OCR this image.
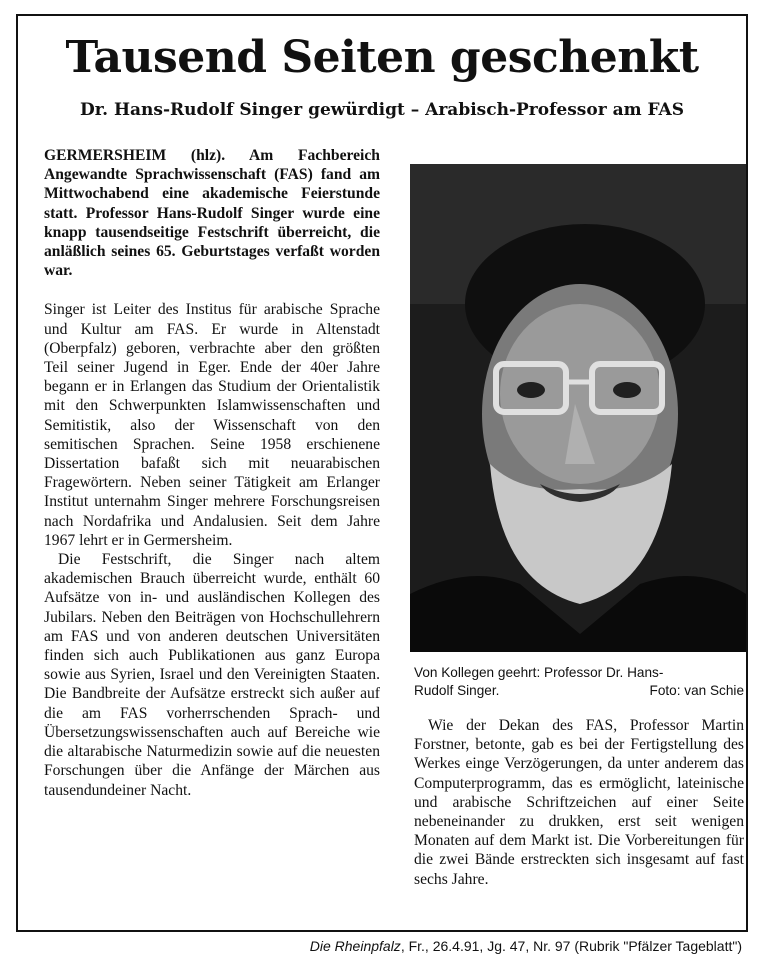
Tausend Seiten geschenkt
Dr. Hans-Rudolf Singer gewürdigt – Arabisch-Professor am FAS

GERMERSHEIM (hlz). Am Fachbereich Angewandte Sprachwissenschaft (FAS) fand am Mittwochabend eine akademische Feierstunde statt. Professor Hans-Rudolf Singer wurde eine knapp tausendseitige Festschrift überreicht, die anläßlich seines 65. Geburtstages verfaßt worden war.

Singer ist Leiter des Institus für arabische Sprache und Kultur am FAS. Er wurde in Altenstadt (Oberpfalz) geboren, verbrachte aber den größten Teil seiner Jugend in Eger. Ende der 40er Jahre begann er in Erlangen das Studium der Orientalistik mit den Schwerpunkten Islamwissenschaften und Semitistik, also der Wissenschaft von den semitischen Sprachen. Seine 1958 erschienene Dissertation bafaßt sich mit neuarabischen Fragewörtern. Neben seiner Tätigkeit am Erlanger Institut unternahm Singer mehrere Forschungsreisen nach Nordafrika und Andalusien. Seit dem Jahre 1967 lehrt er in Germersheim.

Die Festschrift, die Singer nach altem akademischen Brauch überreicht wurde, enthält 60 Aufsätze von in- und ausländischen Kollegen des Jubilars. Neben den Beiträgen von Hochschullehrern am FAS und von anderen deutschen Universitäten finden sich auch Publikationen aus ganz Europa sowie aus Syrien, Israel und den Vereinigten Staaten. Die Bandbreite der Aufsätze erstreckt sich außer auf die am FAS vorherrschenden Sprach- und Übersetzungswissenschaften auch auf Bereiche wie die altarabische Naturmedizin sowie auf die neuesten Forschungen über die Anfänge der Märchen aus tausendundeiner Nacht.

Von Kollegen geehrt: Professor Dr. Hans-
Rudolf Singer.	Foto: van Schie

Wie der Dekan des FAS, Professor Martin Forstner, betonte, gab es bei der Fertigstellung des Werkes einge Verzögerungen, da unter anderem das Computerprogramm, das es ermöglicht, lateinische und arabische Schriftzeichen auf einer Seite nebeneinander zu drukken, erst seit wenigen Monaten auf dem Markt ist. Die Vorbereitungen für die zwei Bände erstreckten sich insgesamt auf fast sechs Jahre.

Die Rheinpfalz, Fr., 26.4.91, Jg. 47, Nr. 97 (Rubrik "Pfälzer Tageblatt")
